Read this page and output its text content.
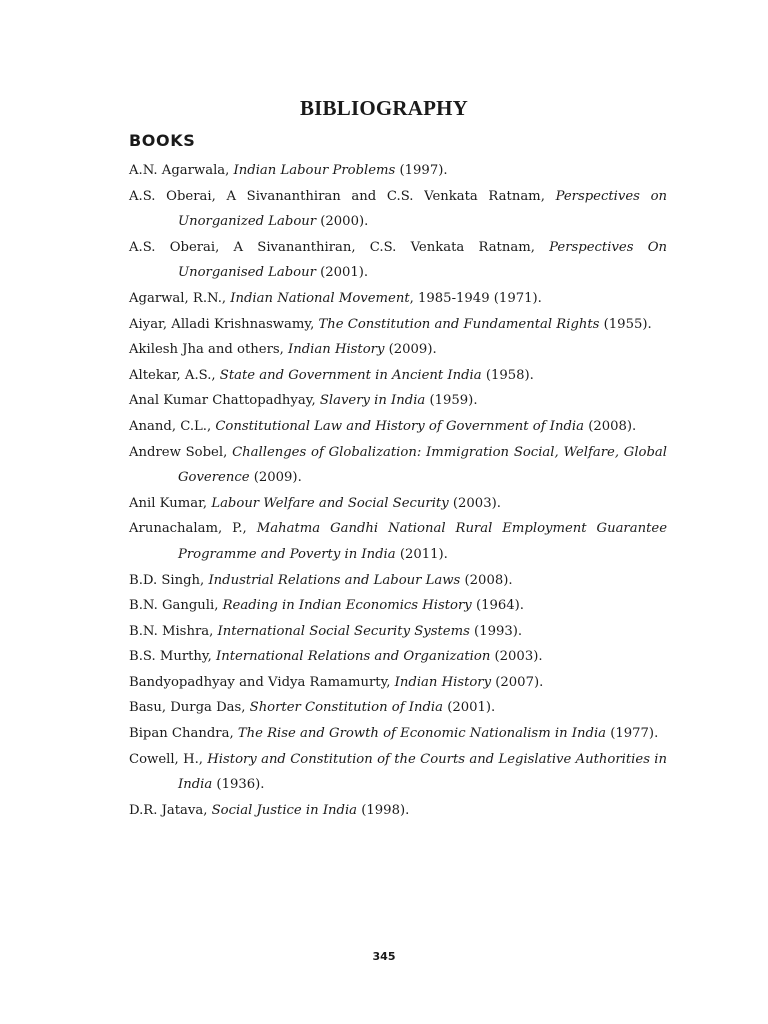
BIBLIOGRAPHY
BOOKS
A.N. Agarwala, Indian Labour Problems (1997).
A.S. Oberai, A Sivananthiran and C.S. Venkata Ratnam, Perspectives on Unorganized Labour (2000).
A.S. Oberai, A Sivananthiran, C.S. Venkata Ratnam, Perspectives On Unorganised Labour (2001).
Agarwal, R.N., Indian National Movement, 1985-1949 (1971).
Aiyar, Alladi Krishnaswamy, The Constitution and Fundamental Rights (1955).
Akilesh Jha and others, Indian History (2009).
Altekar, A.S., State and Government in Ancient India (1958).
Anal Kumar Chattopadhyay, Slavery in India (1959).
Anand, C.L., Constitutional Law and History of Government of India (2008).
Andrew Sobel, Challenges of Globalization: Immigration Social, Welfare, Global Goverence (2009).
Anil Kumar, Labour Welfare and Social Security (2003).
Arunachalam, P., Mahatma Gandhi National Rural Employment Guarantee Programme and Poverty in India (2011).
B.D. Singh, Industrial Relations and Labour Laws (2008).
B.N. Ganguli, Reading in Indian Economics History (1964).
B.N. Mishra, International Social Security Systems (1993).
B.S. Murthy, International Relations and Organization (2003).
Bandyopadhyay and Vidya Ramamurty, Indian History (2007).
Basu, Durga Das, Shorter Constitution of India (2001).
Bipan Chandra, The Rise and Growth of Economic Nationalism in India (1977).
Cowell, H., History and Constitution of the Courts and Legislative Authorities in India (1936).
D.R. Jatava, Social Justice in India (1998).
345
